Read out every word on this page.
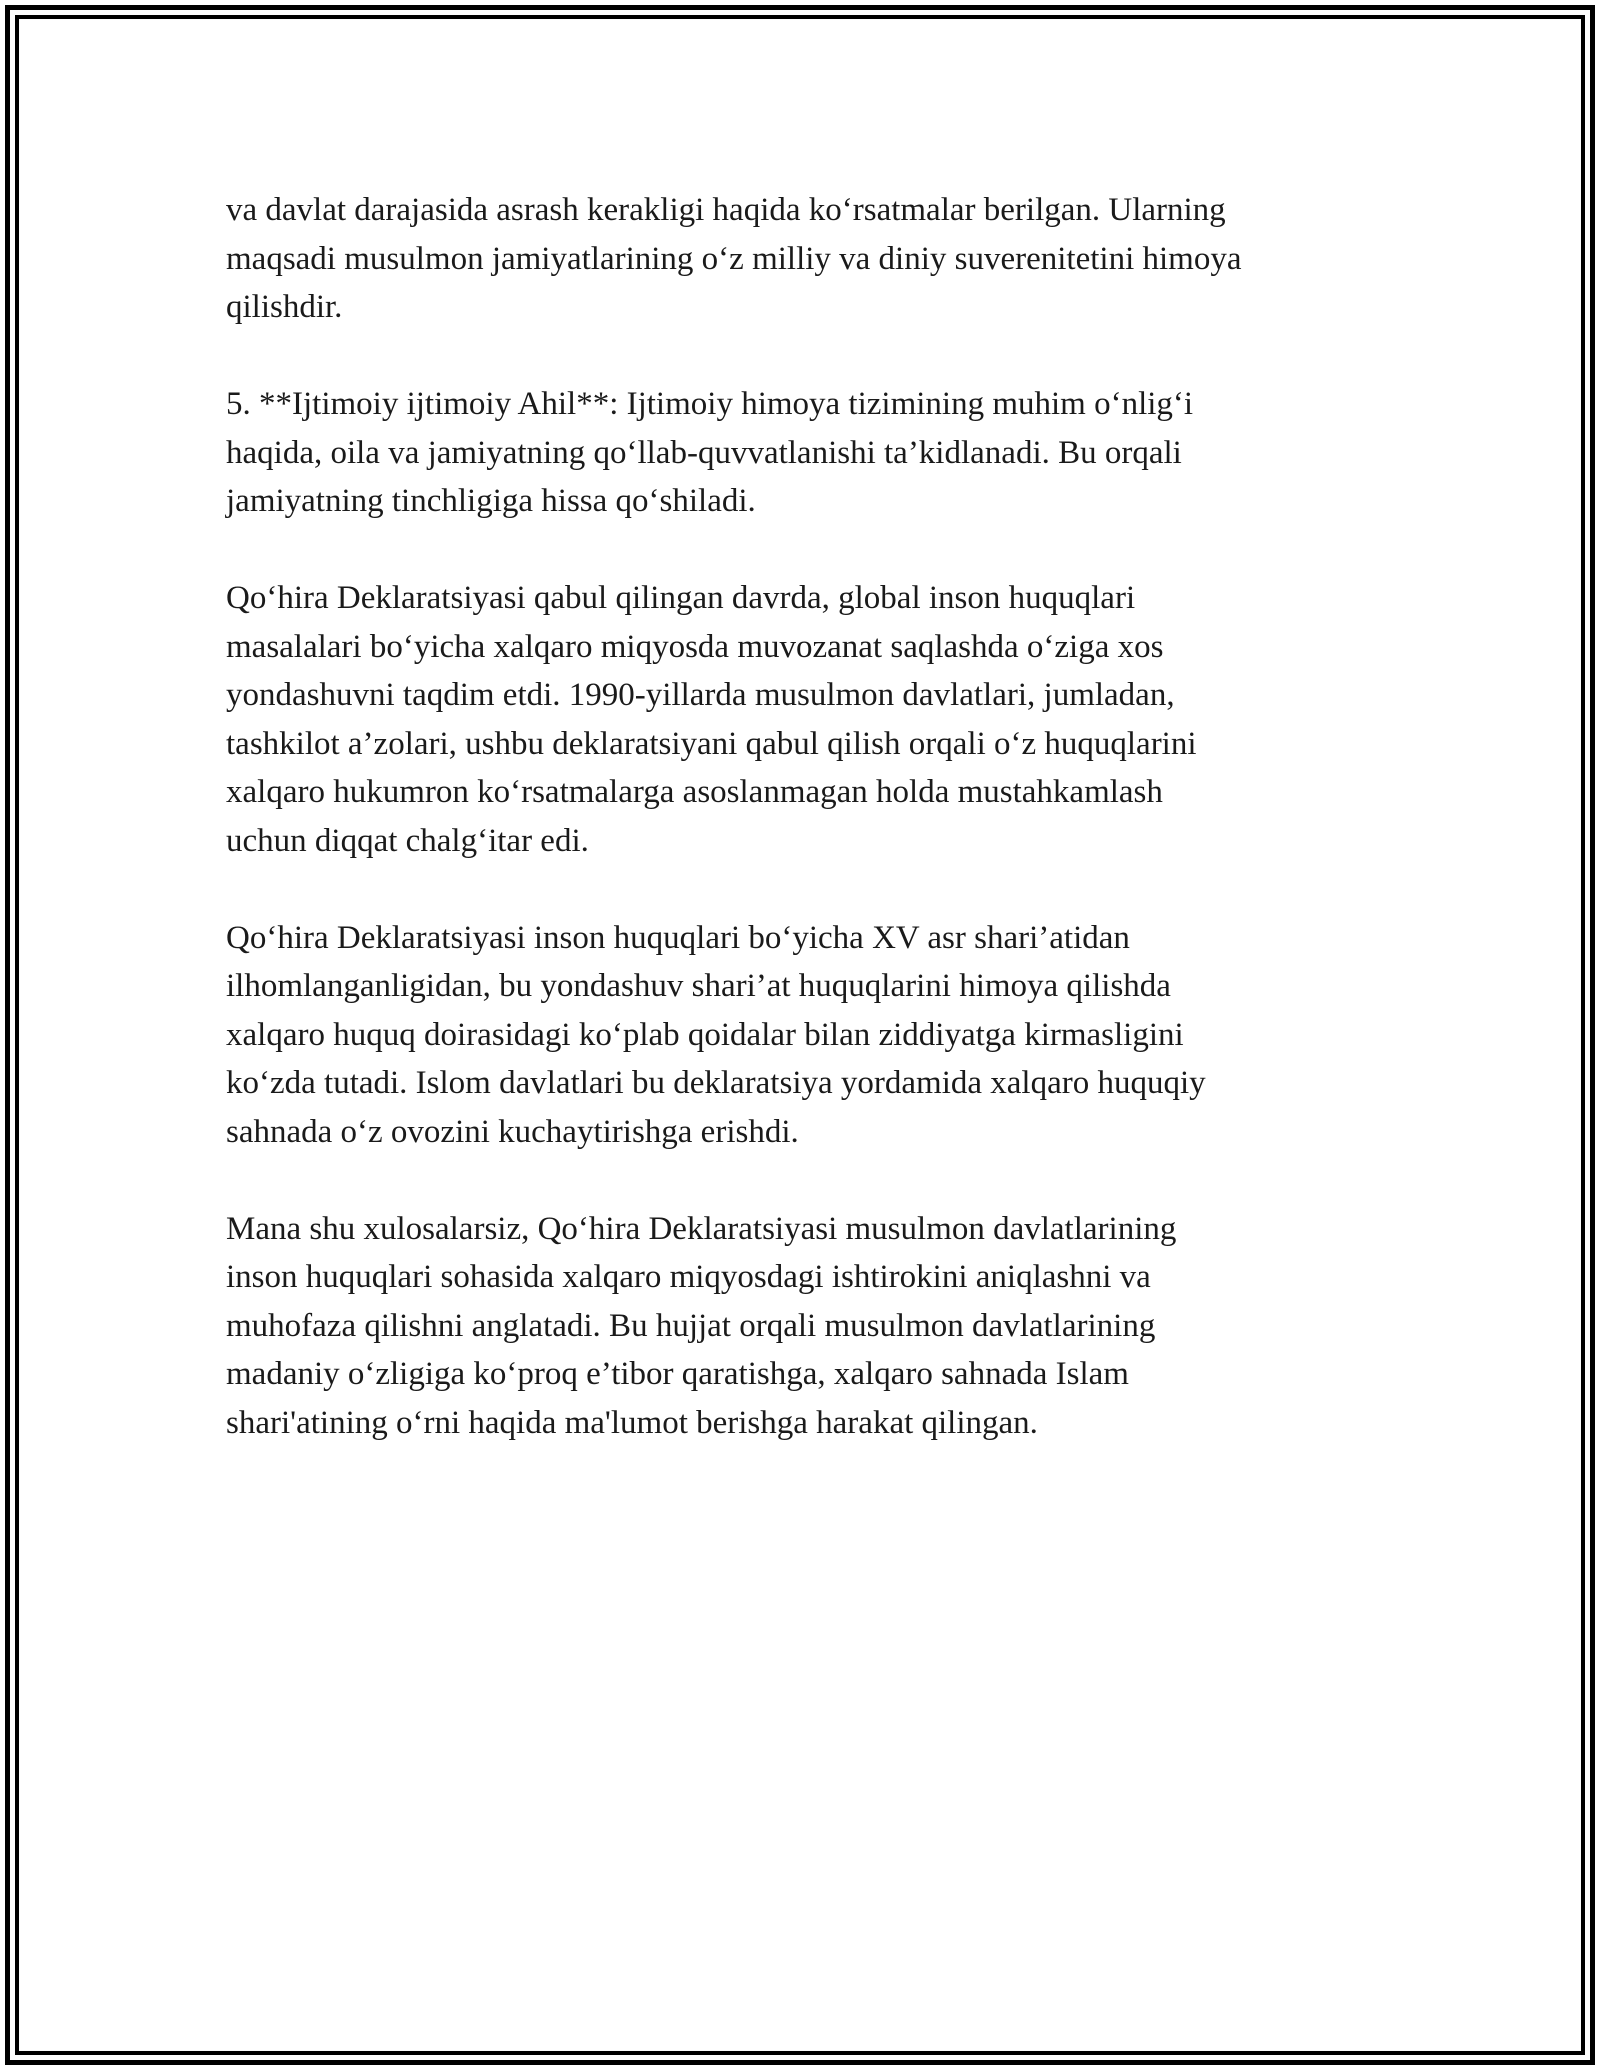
va davlat darajasida asrash kerakligi haqida ko‘rsatmalar berilgan. Ularning
maqsadi musulmon jamiyatlarining o‘z milliy va diniy suverenitetini himoya
qilishdir.

5. **Ijtimoiy ijtimoiy Ahil**: Ijtimoiy himoya tizimining muhim o‘nlig‘i
haqida, oila va jamiyatning qo‘llab-quvvatlanishi ta’kidlanadi. Bu orqali
jamiyatning tinchligiga hissa qo‘shiladi.

Qo‘hira Deklaratsiyasi qabul qilingan davrda, global inson huquqlari
masalalari bo‘yicha xalqaro miqyosda muvozanat saqlashda o‘ziga xos
yondashuvni taqdim etdi. 1990-yillarda musulmon davlatlari, jumladan,
tashkilot a’zolari, ushbu deklaratsiyani qabul qilish orqali o‘z huquqlarini
xalqaro hukumron ko‘rsatmalarga asoslanmagan holda mustahkamlash
uchun diqqat chalg‘itar edi.

Qo‘hira Deklaratsiyasi inson huquqlari bo‘yicha XV asr shari’atidan
ilhomlanganligidan, bu yondashuv shari’at huquqlarini himoya qilishda
xalqaro huquq doirasidagi ko‘plab qoidalar bilan ziddiyatga kirmasligini
ko‘zda tutadi. Islom davlatlari bu deklaratsiya yordamida xalqaro huquqiy
sahnada o‘z ovozini kuchaytirishga erishdi.

Mana shu xulosalarsiz, Qo‘hira Deklaratsiyasi musulmon davlatlarining
inson huquqlari sohasida xalqaro miqyosdagi ishtirokini aniqlashni va
muhofaza qilishni anglatadi. Bu hujjat orqali musulmon davlatlarining
madaniy o‘zligiga ko‘proq e’tibor qaratishga, xalqaro sahnada Islam
shari'atining o‘rni haqida ma'lumot berishga harakat qilingan.
